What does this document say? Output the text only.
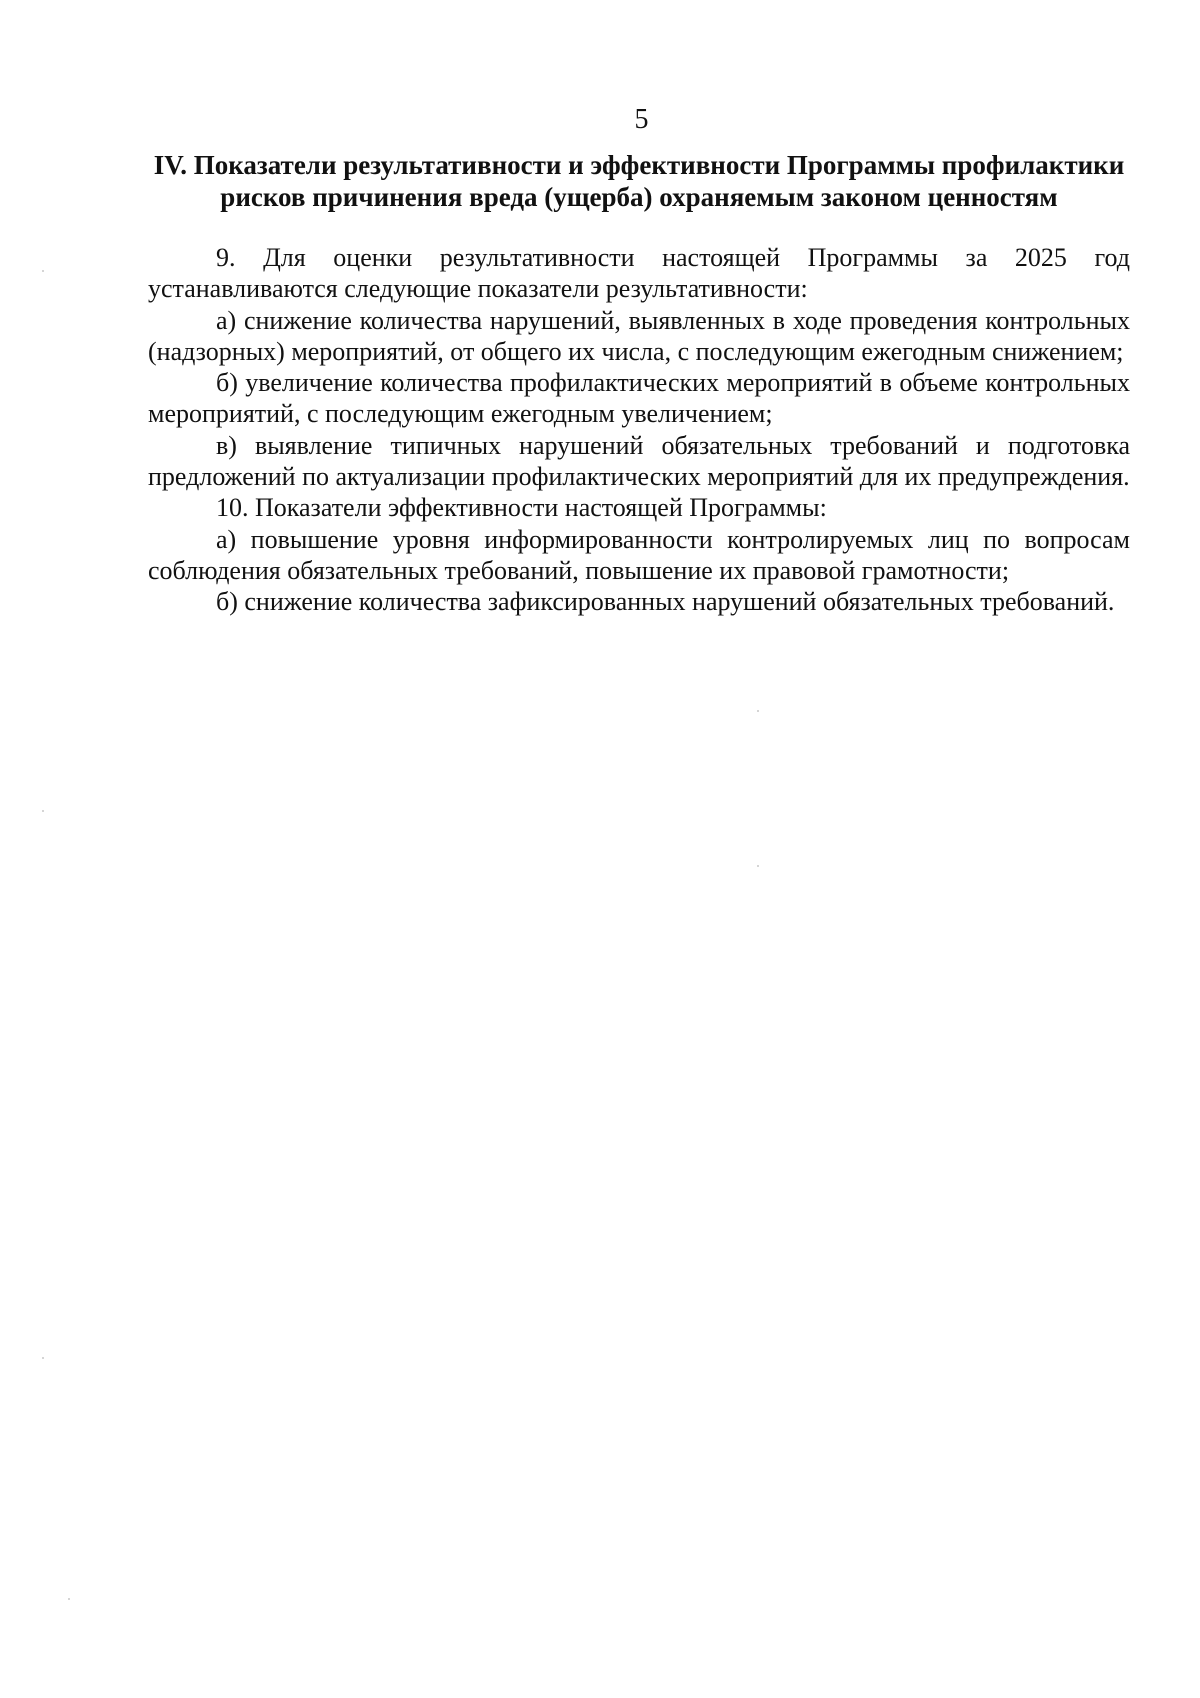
5
IV. Показатели результативности и эффективности Программы профилактики
рисков причинения вреда (ущерба) охраняемым законом ценностям

9. Для оценки результативности настоящей Программы за 2025 год устанавливаются следующие показатели результативности:

а) снижение количества нарушений, выявленных в ходе проведения контрольных (надзорных) мероприятий, от общего их числа, с последующим ежегодным снижением;

б) увеличение количества профилактических мероприятий в объеме контрольных мероприятий, с последующим ежегодным увеличением;

в) выявление типичных нарушений обязательных требований и подготовка предложений по актуализации профилактических мероприятий для их предупреждения.

10. Показатели эффективности настоящей Программы:

а) повышение уровня информированности контролируемых лиц по вопросам соблюдения обязательных требований, повышение их правовой грамотности;

б) снижение количества зафиксированных нарушений обязательных требований.
